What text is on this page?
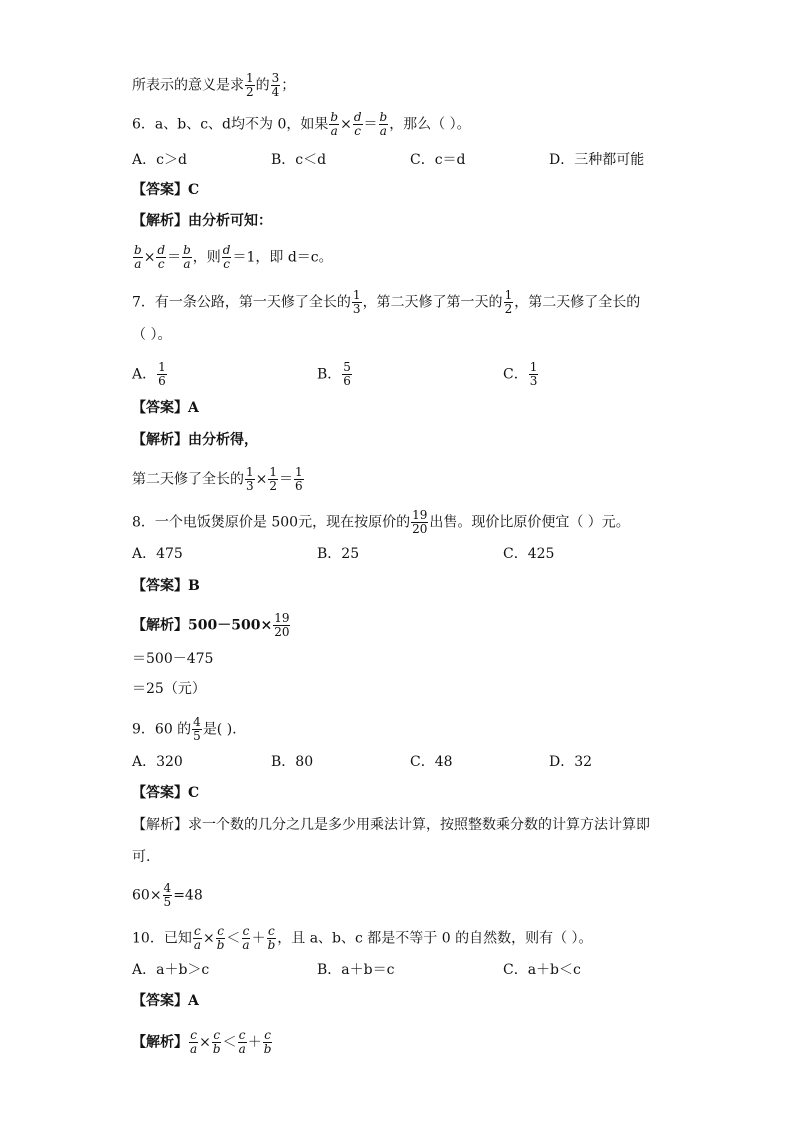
所表示的意义是求 $\frac{1}{2}$ 的 $\frac{3}{4}$ ；
6．a、b、c、d均不为 0，如果 $\frac{b}{a} \times \frac{d}{c} = \frac{b}{a}$ ，那么（ ）。
A．c＞d	B．c＜d	C．c＝d	D．三种都可能
【答案】C
【解析】由分析可知：
$\frac{b}{a} \times \frac{d}{c} = \frac{b}{a}$ ，则 $\frac{d}{c} =1$，即 d＝c。
7．有一条公路，第一天修了全长的 $\frac{1}{3}$ ，第二天修了第一天的 $\frac{1}{2}$ ，第二天修了全长的
（ ）。
A． $\frac{1}{6}$	B． $\frac{5}{6}$	C． $\frac{1}{3}$
【答案】A
【解析】由分析得，
第二天修了全长的 $\frac{1}{3} \times \frac{1}{2} = \frac{1}{6}$
8．一个电饭煲原价是 500元，现在按原价的 $\frac{19}{20}$ 出售。现价比原价便宜（ ）元。
A．475	B．25	C．425
【答案】B
【解析】$500-500\times \frac{19}{20}$
＝500－475
＝25（元）
9．60 的 $\frac{4}{5}$ 是( ).
A．320	B．80	C．48	D．32
【答案】C
【解析】求一个数的几分之几是多少用乘法计算，按照整数乘分数的计算方法计算即
可.
$60\times \frac{4}{5} =48$
10．已知 $\frac{c}{a} \times \frac{c}{b} < \frac{c}{a} + \frac{c}{b}$ ，且 a、b、c 都是不等于 0 的自然数，则有（ ）。
A．a＋b＞c	B．a＋b＝c	C．a＋b＜c
【答案】A
【解析】 $\frac{c}{a} \times \frac{c}{b} < \frac{c}{a} + \frac{c}{b}$
